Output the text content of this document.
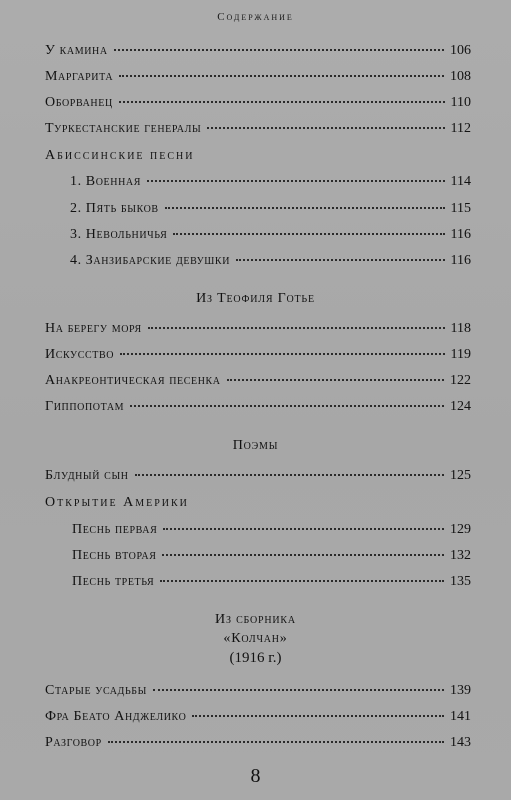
Содержание
У камина	106
Маргарита	108
Оборванец	110
Туркестанские генералы	112
Абиссинские песни
1. Военная	114
2. Пять быков	115
3. Невольничья	116
4. Занзибарские девушки	116
Из Теофиля Готье
На берегу моря	118
Искусство	119
Анакреонтическая песенка	122
Гиппопотам	124
Поэмы
Блудный сын	125
Открытие Америки
Песнь первая	129
Песнь вторая	132
Песнь третья	135
Из сборника
«Колчан»
(1916 г.)
Старые усадьбы	139
Фра Беато Анджелико	141
Разговор	143
8
